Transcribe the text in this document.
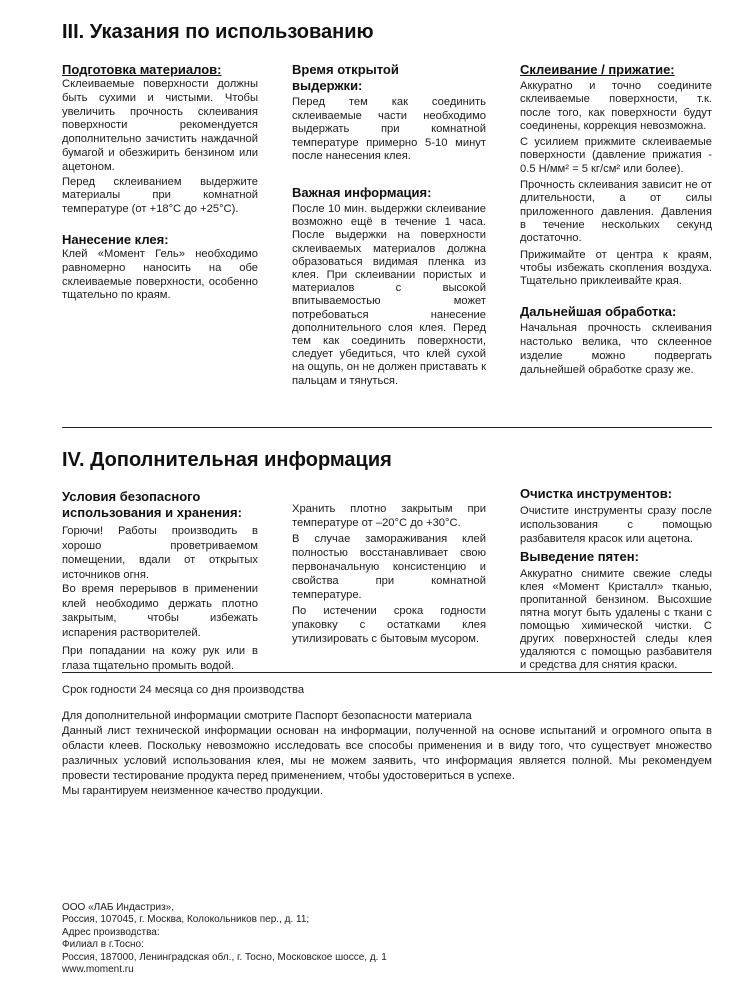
III. Указания по использованию
Подготовка материалов:

Склеиваемые поверхности должны быть сухими и чистыми. Чтобы увеличить прочность склеивания поверхности рекомендуется дополнительно зачистить наждачной бумагой и обезжирить бензином или ацетоном.

Перед склеиванием выдержите материалы при комнатной температуре (от +18°С до +25°С).

Нанесение клея:

Клей «Момент Гель» необходимо равномерно наносить на обе склеиваемые поверхности, особенно тщательно по краям.

Время открытой выдержки:

Перед тем как соединить склеиваемые части необходимо выдержать при комнатной температуре примерно 5-10 минут после нанесения клея.

Важная информация:

После 10 мин. выдержки склеивание возможно ещё в течение 1 часа. После выдержки на поверхности склеиваемых материалов должна образоваться видимая пленка из клея. При склеивании пористых и материалов с высокой впитываемостью может потребоваться нанесение дополнительного слоя клея. Перед тем как соединить поверхности, следует убедиться, что клей сухой на ощупь, он не должен приставать к пальцам и тянуться.

Склеивание / прижатие:

Аккуратно и точно соедините склеиваемые поверхности, т.к. после того, как поверхности будут соединены, коррекция невозможна.

С усилием прижмите склеиваемые поверхности (давление прижатия - 0.5 Н/мм² = 5 кг/см² или более).

Прочность склеивания зависит не от длительности, а от силы приложенного давления. Давления в течение нескольких секунд достаточно.

Прижимайте от центра к краям, чтобы избежать скопления воздуха. Тщательно приклеивайте края.

Дальнейшая обработка:

Начальная прочность склеивания настолько велика, что склеенное изделие можно подвергать дальнейшей обработке сразу же.

IV. Дополнительная информация
Условия безопасного использования и хранения:

Горючи! Работы производить в хорошо проветриваемом помещении, вдали от открытых источников огня.

Во время перерывов в применении клей необходимо держать плотно закрытым, чтобы избежать испарения растворителей.

При попадании на кожу рук или в глаза тщательно промыть водой.

Хранить плотно закрытым при температуре от –20°С до +30°С.

В случае замораживания клей полностью восстанавливает свою первоначальную консистенцию и свойства при комнатной температуре.

По истечении срока годности упаковку с остатками клея утилизировать с бытовым мусором.

Очистка инструментов:

Очистите инструменты сразу после использования с помощью разбавителя красок или ацетона.

Выведение пятен:

Аккуратно снимите свежие следы клея «Момент Кристалл» тканью, пропитанной бензином. Высохшие пятна могут быть удалены с ткани с помощью химической чистки. С других поверхностей следы клея удаляются с помощью разбавителя и средства для снятия краски.

Срок годности 24 месяца со дня производства

Для дополнительной информации смотрите Паспорт безопасности материала

Данный лист технической информации основан на информации, полученной на основе испытаний и огромного опыта в области клеев. Поскольку невозможно исследовать все способы применения и в виду того, что существует множество различных условий использования клея, мы не можем заявить, что информация является полной. Мы рекомендуем провести тестирование продукта перед применением, чтобы удостовериться в успехе.

Мы гарантируем неизменное качество продукции.

ООО «ЛАБ Индастриз»,
Россия, 107045, г. Москва, Колокольников пер., д. 11;
Адрес производства:
Филиал в г.Тосно:
Россия, 187000, Ленинградская обл., г. Тосно, Московское шоссе, д. 1
www.moment.ru
